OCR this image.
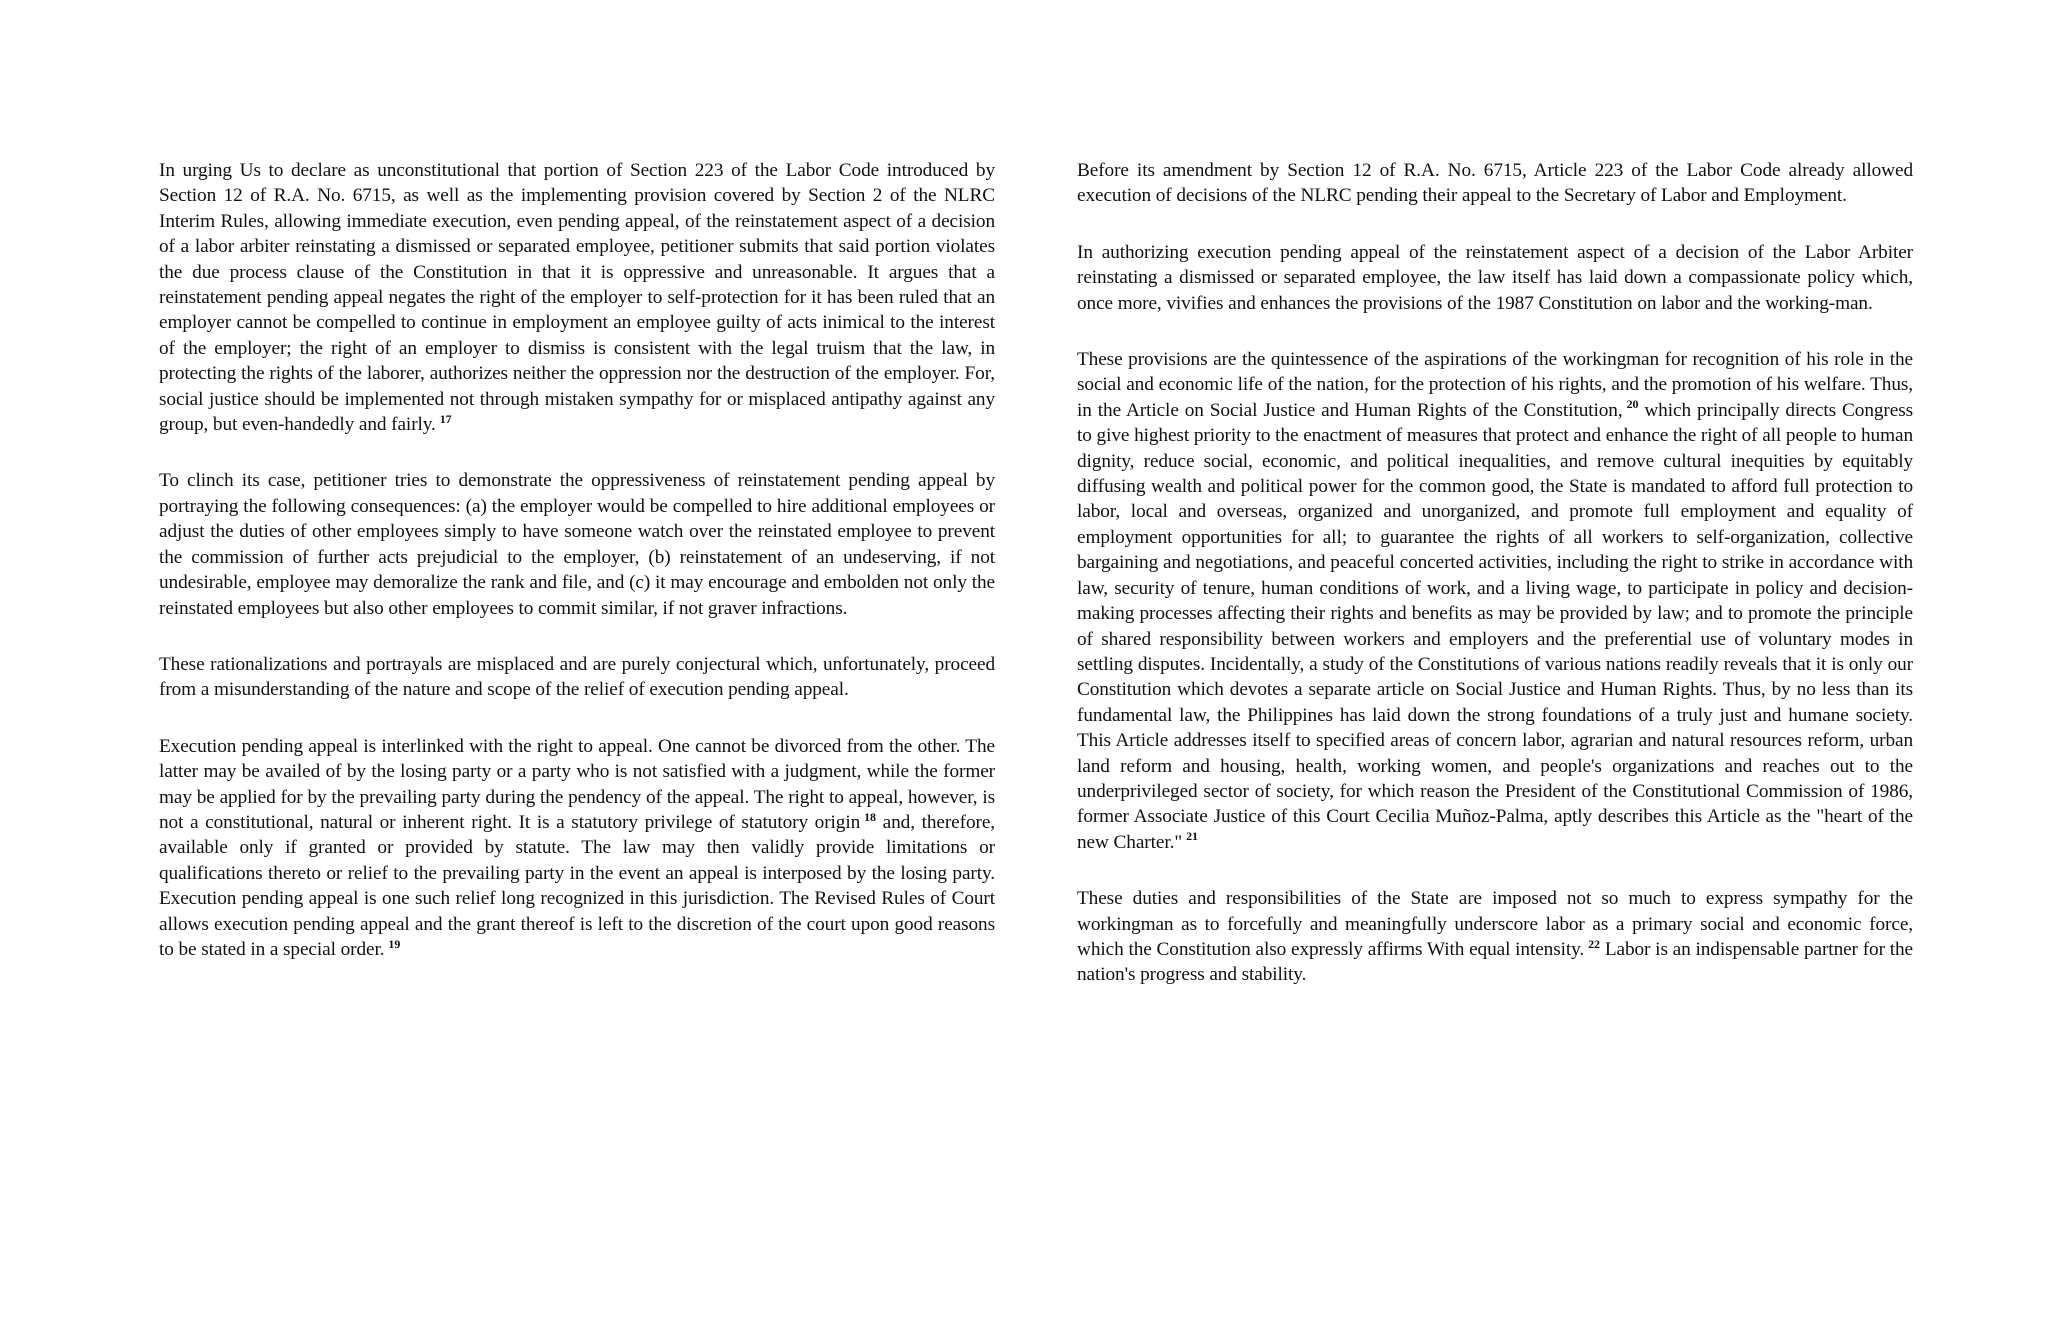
In urging Us to declare as unconstitutional that portion of Section 223 of the Labor Code introduced by Section 12 of R.A. No. 6715, as well as the implementing provision covered by Section 2 of the NLRC Interim Rules, allowing immediate execution, even pending appeal, of the reinstatement aspect of a decision of a labor arbiter reinstating a dismissed or separated employee, petitioner submits that said portion violates the due process clause of the Constitution in that it is oppressive and unreasonable. It argues that a reinstatement pending appeal negates the right of the employer to self-protection for it has been ruled that an employer cannot be compelled to continue in employment an employee guilty of acts inimical to the interest of the employer; the right of an employer to dismiss is consistent with the legal truism that the law, in protecting the rights of the laborer, authorizes neither the oppression nor the destruction of the employer. For, social justice should be implemented not through mistaken sympathy for or misplaced antipathy against any group, but even-handedly and fairly. $^{17}$

To clinch its case, petitioner tries to demonstrate the oppressiveness of reinstatement pending appeal by portraying the following consequences: (a) the employer would be compelled to hire additional employees or adjust the duties of other employees simply to have someone watch over the reinstated employee to prevent the commission of further acts prejudicial to the employer, (b) reinstatement of an undeserving, if not undesirable, employee may demoralize the rank and file, and (c) it may encourage and embolden not only the reinstated employees but also other employees to commit similar, if not graver infractions.

These rationalizations and portrayals are misplaced and are purely conjectural which, unfortunately, proceed from a misunderstanding of the nature and scope of the relief of execution pending appeal.

Execution pending appeal is interlinked with the right to appeal. One cannot be divorced from the other. The latter may be availed of by the losing party or a party who is not satisfied with a judgment, while the former may be applied for by the prevailing party during the pendency of the appeal. The right to appeal, however, is not a constitutional, natural or inherent right. It is a statutory privilege of statutory origin $^{18}$ and, therefore, available only if granted or provided by statute. The law may then validly provide limitations or qualifications thereto or relief to the prevailing party in the event an appeal is interposed by the losing party. Execution pending appeal is one such relief long recognized in this jurisdiction. The Revised Rules of Court allows execution pending appeal and the grant thereof is left to the discretion of the court upon good reasons to be stated in a special order. $^{19}$

Before its amendment by Section 12 of R.A. No. 6715, Article 223 of the Labor Code already allowed execution of decisions of the NLRC pending their appeal to the Secretary of Labor and Employment.

In authorizing execution pending appeal of the reinstatement aspect of a decision of the Labor Arbiter reinstating a dismissed or separated employee, the law itself has laid down a compassionate policy which, once more, vivifies and enhances the provisions of the 1987 Constitution on labor and the working-man.

These provisions are the quintessence of the aspirations of the workingman for recognition of his role in the social and economic life of the nation, for the protection of his rights, and the promotion of his welfare. Thus, in the Article on Social Justice and Human Rights of the Constitution, $^{20}$ which principally directs Congress to give highest priority to the enactment of measures that protect and enhance the right of all people to human dignity, reduce social, economic, and political inequalities, and remove cultural inequities by equitably diffusing wealth and political power for the common good, the State is mandated to afford full protection to labor, local and overseas, organized and unorganized, and promote full employment and equality of employment opportunities for all; to guarantee the rights of all workers to self-organization, collective bargaining and negotiations, and peaceful concerted activities, including the right to strike in accordance with law, security of tenure, human conditions of work, and a living wage, to participate in policy and decision-making processes affecting their rights and benefits as may be provided by law; and to promote the principle of shared responsibility between workers and employers and the preferential use of voluntary modes in settling disputes. Incidentally, a study of the Constitutions of various nations readily reveals that it is only our Constitution which devotes a separate article on Social Justice and Human Rights. Thus, by no less than its fundamental law, the Philippines has laid down the strong foundations of a truly just and humane society. This Article addresses itself to specified areas of concern labor, agrarian and natural resources reform, urban land reform and housing, health, working women, and people's organizations and reaches out to the underprivileged sector of society, for which reason the President of the Constitutional Commission of 1986, former Associate Justice of this Court Cecilia Muñoz-Palma, aptly describes this Article as the "heart of the new Charter." $^{21}$

These duties and responsibilities of the State are imposed not so much to express sympathy for the workingman as to forcefully and meaningfully underscore labor as a primary social and economic force, which the Constitution also expressly affirms With equal intensity. $^{22}$ Labor is an indispensable partner for the nation's progress and stability.
